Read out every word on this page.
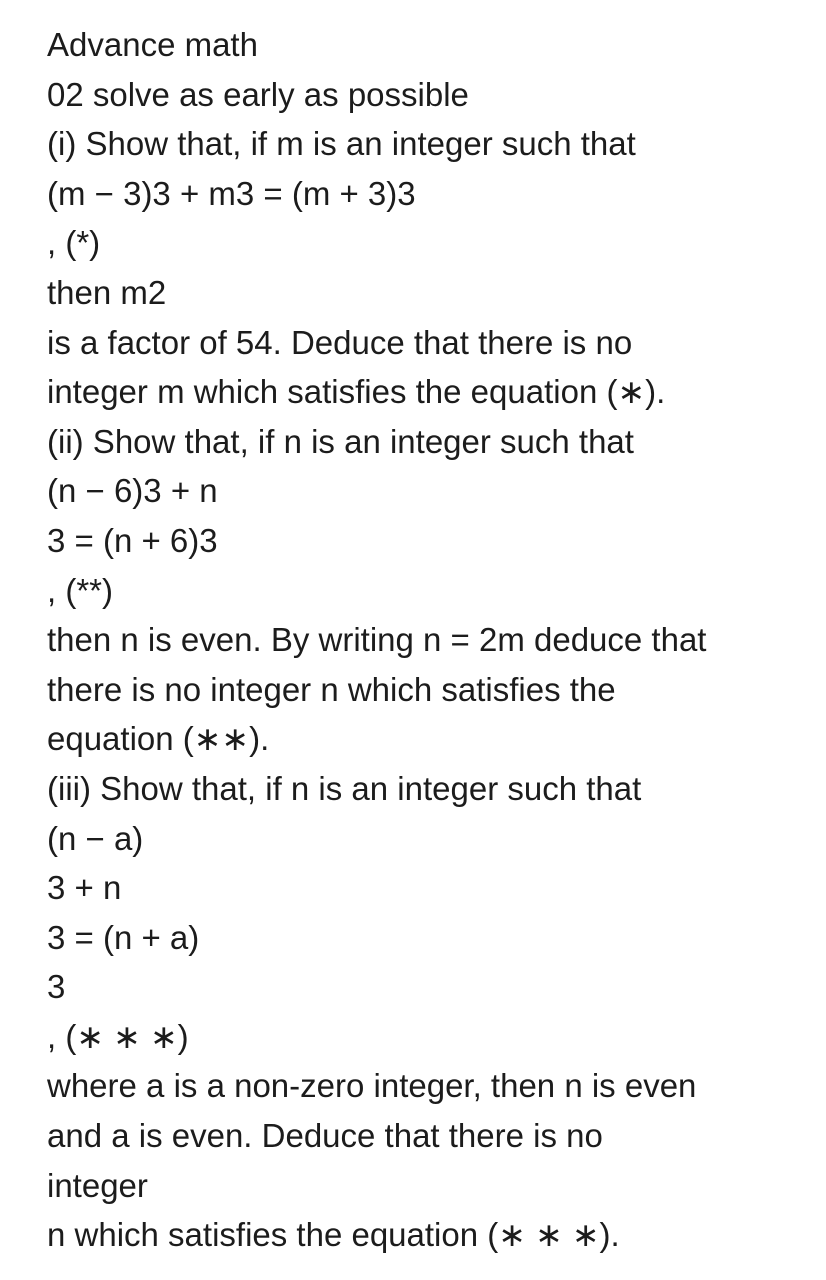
Advance math
02 solve as early as possible
(i) Show that, if m is an integer such that
(m − 3)3 + m3 = (m + 3)3
, (*)
then m2
is a factor of 54. Deduce that there is no
integer m which satisfies the equation (∗).
(ii) Show that, if n is an integer such that
(n − 6)3 + n
3 = (n + 6)3
, (**)
then n is even. By writing n = 2m deduce that
there is no integer n which satisfies the
equation (∗∗).
(iii) Show that, if n is an integer such that
(n − a)
3 + n
3 = (n + a)
3
, (∗ ∗ ∗)
where a is a non-zero integer, then n is even
and a is even. Deduce that there is no
integer
n which satisfies the equation (∗ ∗ ∗).
